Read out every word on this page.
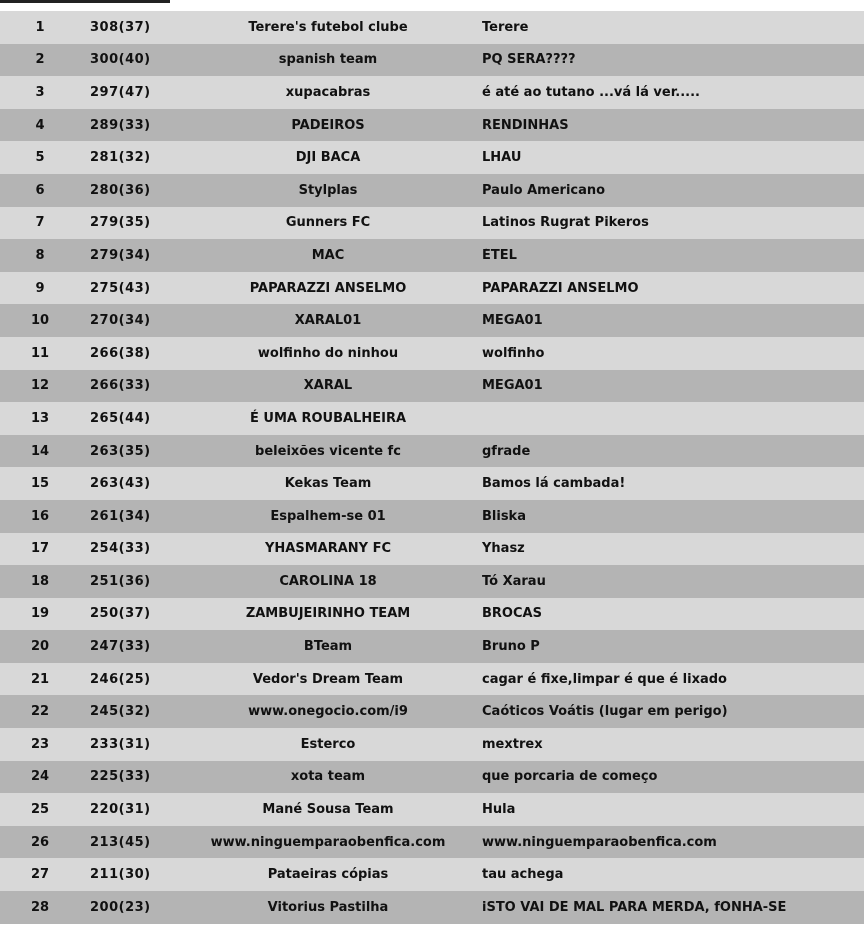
1	308(37)	Terere's futebol clube	Terere
2	300(40)	spanish team	PQ SERA????
3	297(47)	xupacabras	é até ao tutano ...vá lá ver.....
4	289(33)	PADEIROS	RENDINHAS
5	281(32)	DJI BACA	LHAU
6	280(36)	Stylplas	Paulo Americano
7	279(35)	Gunners FC	Latinos Rugrat Pikeros
8	279(34)	MAC	ÉTEL
9	275(43)	PAPARAZZI ANSELMO	PAPARAZZI ANSELMO
10	270(34)	XARAL01	MEGA01
11	266(38)	wolfinho do ninhou	wolfinho
12	266(33)	XARAL	MEGA01
13	265(44)	É UMA ROUBALHEIRA
14	263(35)	beleixões vicente fc	gfrade
15	263(43)	Kekas Team	Bamos lá cambada!
16	261(34)	Espalhem-se 01	Bliska
17	254(33)	YHASMARANY FC	Yhasz
18	251(36)	CAROLINA 18	Tó Xarau
19	250(37)	ZAMBUJEIRINHO TEAM	BROCAS
20	247(33)	BTeam	Bruno P
21	246(25)	Vedor's Dream Team	cagar é fixe,limpar é que é lixado
22	245(32)	www.onegocio.com/i9	Caóticos Voátis (lugar em perigo)
23	233(31)	Esterco	mextrex
24	225(33)	xota team	que porcaria de começo
25	220(31)	Mané Sousa Team	Hula
26	213(45)	www.ninguemparaobenfica.com	www.ninguemparaobenfica.com
27	211(30)	Pataeiras cópias	tau achega
28	200(23)	Vitorius Pastilha	iSTO VAI DE MAL PARA MERDA, fONHA-SE
